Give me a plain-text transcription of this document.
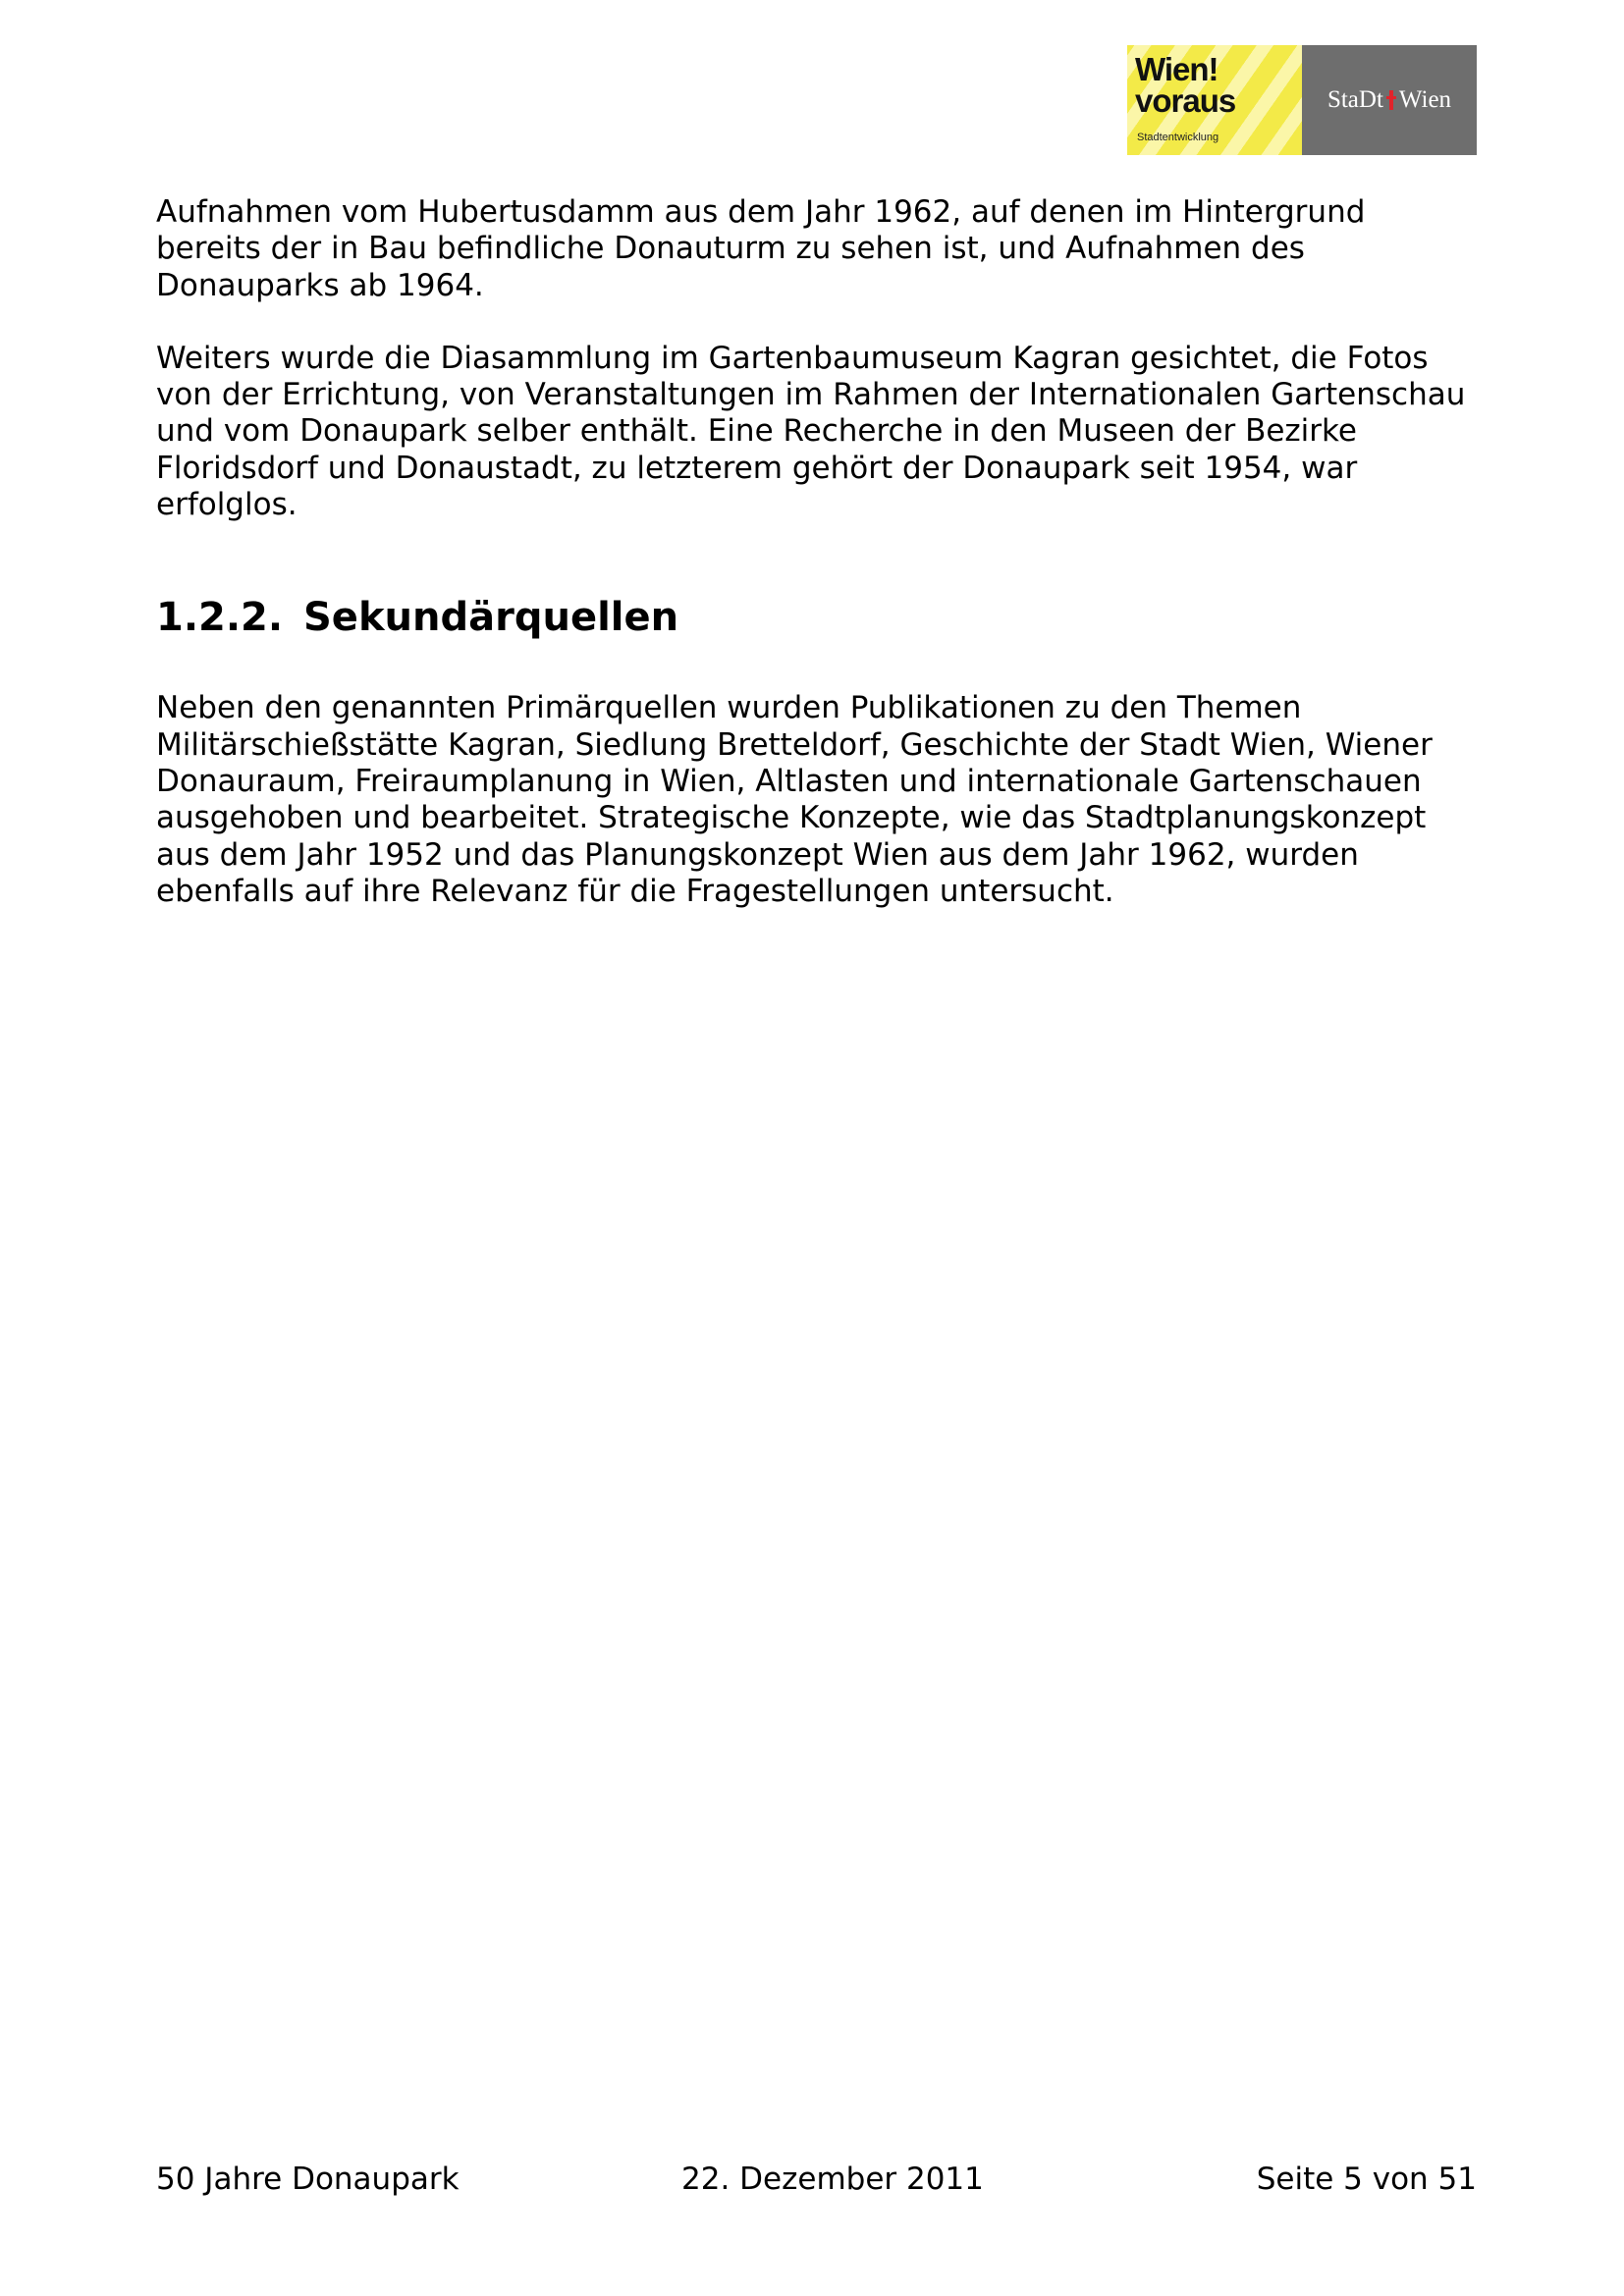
Wien!
voraus
Stadtentwicklung
StaDt Wien

Aufnahmen vom Hubertusdamm aus dem Jahr 1962, auf denen im Hintergrund
bereits der in Bau befindliche Donauturm zu sehen ist, und Aufnahmen des
Donauparks ab 1964.

Weiters wurde die Diasammlung im Gartenbaumuseum Kagran gesichtet, die Fotos
von der Errichtung, von Veranstaltungen im Rahmen der Internationalen Gartenschau
und vom Donaupark selber enthält. Eine Recherche in den Museen der Bezirke
Floridsdorf und Donaustadt, zu letzterem gehört der Donaupark seit 1954, war
erfolglos.

1.2.2. Sekundärquellen

Neben den genannten Primärquellen wurden Publikationen zu den Themen
Militärschießstätte Kagran, Siedlung Bretteldorf, Geschichte der Stadt Wien, Wiener
Donauraum, Freiraumplanung in Wien, Altlasten und internationale Gartenschauen
ausgehoben und bearbeitet. Strategische Konzepte, wie das Stadtplanungskonzept
aus dem Jahr 1952 und das Planungskonzept Wien aus dem Jahr 1962, wurden
ebenfalls auf ihre Relevanz für die Fragestellungen untersucht.

50 Jahre Donaupark	22. Dezember 2011	Seite 5 von 51
